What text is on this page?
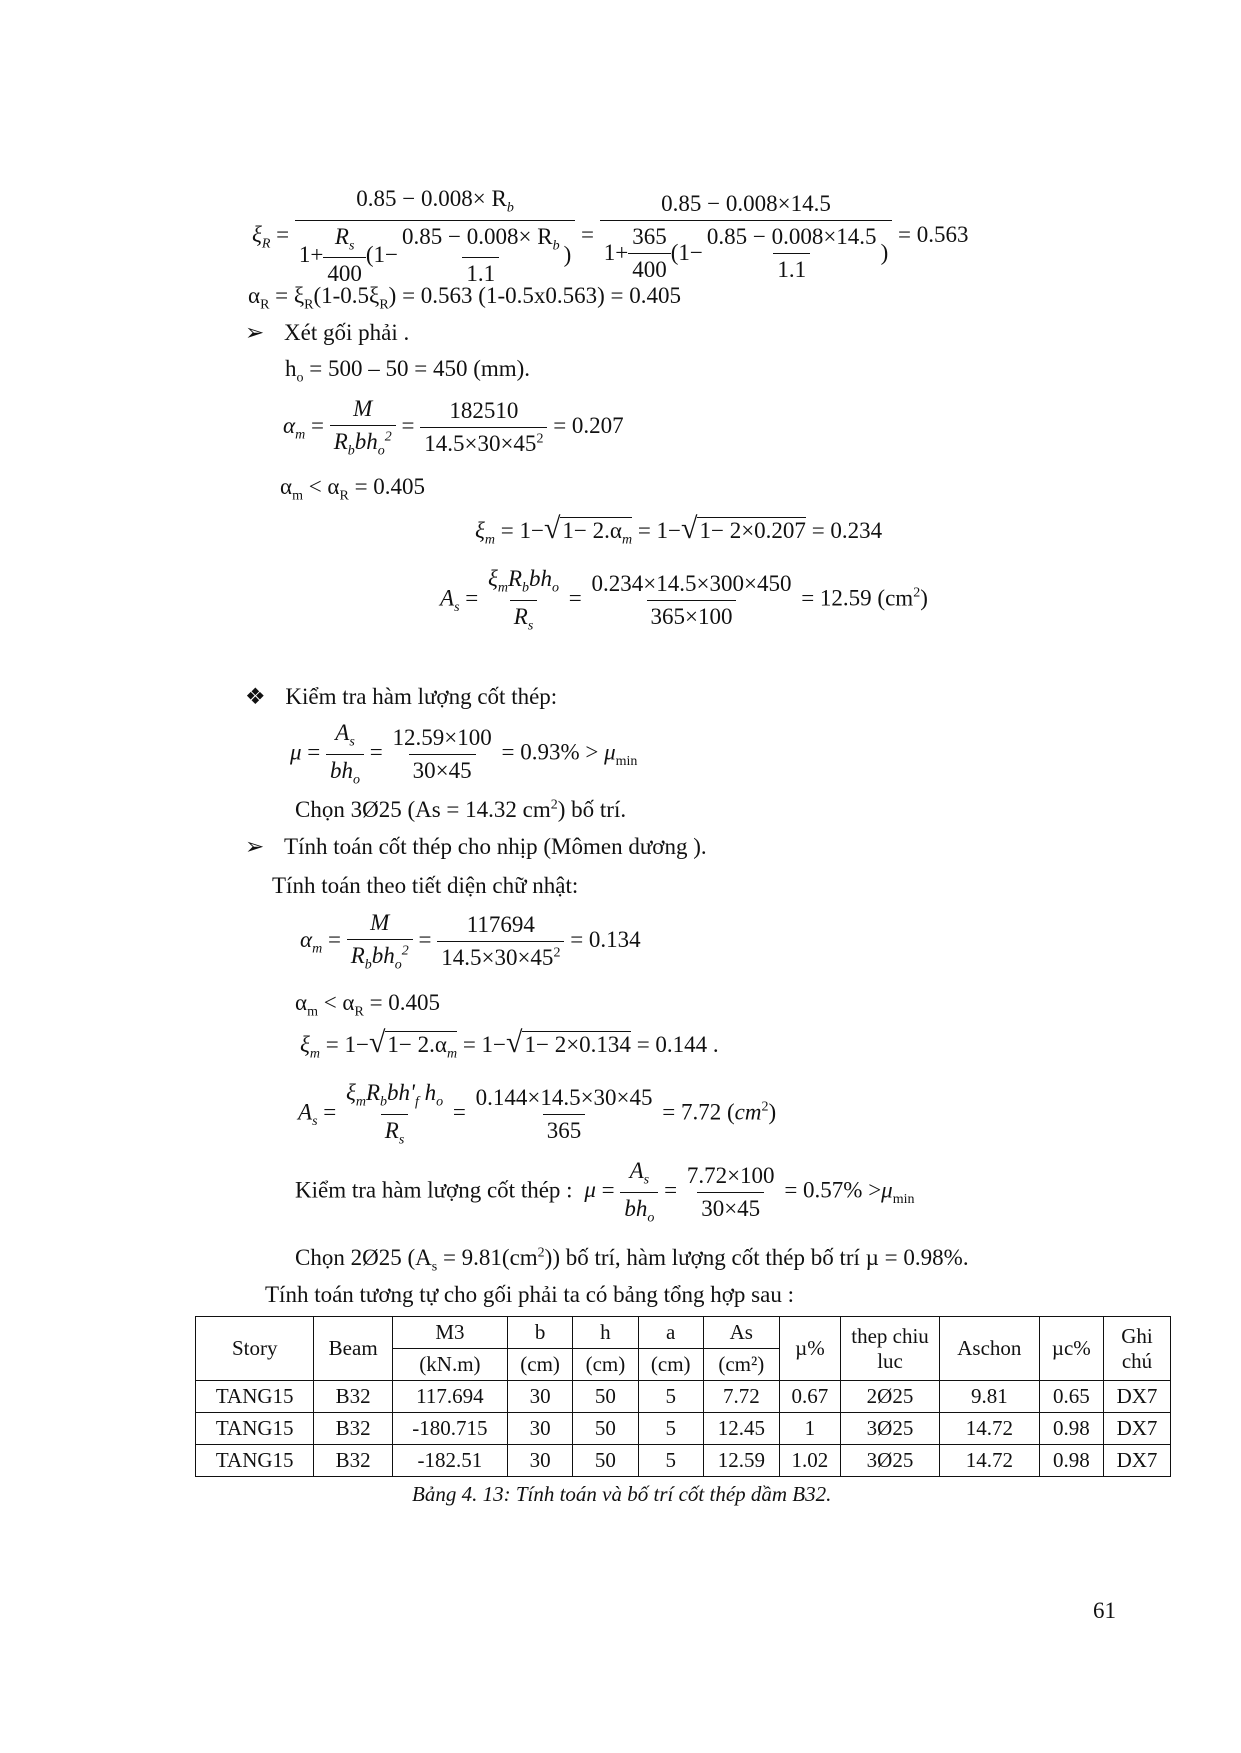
$\xi_R = \frac{0.85 - 0.008\times R_b}{1+ \frac{R_s}{400} (1- \frac{0.85 - 0.008\times R_b}{1.1} )} = \frac{0.85 - 0.008\times 14.5}{1+ \frac{365}{400} (1- \frac{0.85 - 0.008\times 14.5}{1.1} )} = 0.563$
$\alpha_R = \xi_R(1-0.5\xi_R) = 0.563$ (1-0.5x0.563) = 0.405
➢ Xét gối phải .
$h_o = 500 - 50 = 450$ (mm).
$\alpha_m = \frac{M}{R_bbh_o^2} = \frac{182510}{14.5\times 30\times 45^2} = 0.207$
$\alpha_m < \alpha_R = 0.405$
$\xi_m = 1-√1- 2.\alpha_m = 1-√1- 2\times 0.207 = 0.234$
$A_s = \frac{\xi_mR_bbh_o}{R_s} = \frac{0.234\times 14.5\times 300\times 450}{365\times 100} = 12.59$ $(cm^2)$
❖ Kiểm tra hàm lượng cốt thép:
$\mu = \frac{A_s}{bh_o} = \frac{12.59\times 100}{30\times 45} = 0.93\% > \mu_{min}$
Chọn 3Ø25 (As = 14.32 $cm^2$) bố trí.
➢ Tính toán cốt thép cho nhịp (Mômen dương ).
Tính toán theo tiết diện chữ nhật:
$\alpha_m = \frac{M}{R_bbh_o^2} = \frac{117694}{14.5\times 30\times 45^2} = 0.134$
$\alpha_m < \alpha_R = 0.405$
$\xi_m = 1-√1- 2.\alpha_m = 1-√1- 2\times 0.134 = 0.144$ .
$A_s = \frac{\xi_mR_bbh'_f h_o}{R_s} = \frac{0.144\times 14.5\times 30\times 45}{365} = 7.72$ $(cm^2)$
Kiểm tra hàm lượng cốt thép : $\mu = \frac{A_s}{bh_o} = \frac{7.72\times 100}{30\times 45} = 0.57\% >\mu_{min}$
Chọn 2Ø25 $(A_s = 9.81(cm^2))$ bố trí, hàm lượng cốt thép bố trí µ = 0.98%.
Tính toán tương tự cho gối phải ta có bảng tổng hợp sau :
Story	Beam	M3	b	h	a	As	µ%	thep chiu luc	Aschon	µc%	Ghi chú
		(kN.m)	(cm)	(cm)	(cm)	(cm²)					
TANG15	B32	117.694	30	50	5	7.72	0.67	2Ø25	9.81	0.65	DX7
TANG15	B32	-180.715	30	50	5	12.45	1	3Ø25	14.72	0.98	DX7
TANG15	B32	-182.51	30	50	5	12.59	1.02	3Ø25	14.72	0.98	DX7
Bảng 4. 13: Tính toán và bố trí cốt thép dầm B32.
61
